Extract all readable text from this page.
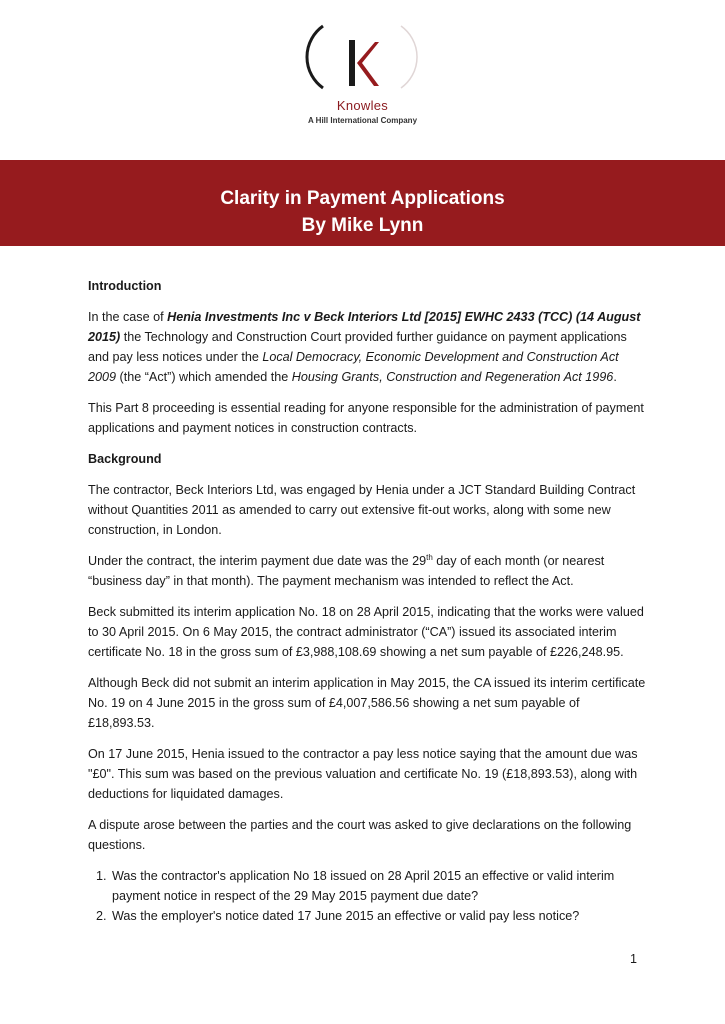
Knowles
A Hill International Company
Clarity in Payment Applications
By Mike Lynn
Introduction

In the case of Henia Investments Inc v Beck Interiors Ltd [2015] EWHC 2433 (TCC) (14 August 2015) the Technology and Construction Court provided further guidance on payment applications and pay less notices under the Local Democracy, Economic Development and Construction Act 2009 (the “Act”) which amended the Housing Grants, Construction and Regeneration Act 1996.

This Part 8 proceeding is essential reading for anyone responsible for the administration of payment applications and payment notices in construction contracts.

Background

The contractor, Beck Interiors Ltd, was engaged by Henia under a JCT Standard Building Contract without Quantities 2011 as amended to carry out extensive fit-out works, along with some new construction, in London.

Under the contract, the interim payment due date was the 29th day of each month (or nearest “business day” in that month). The payment mechanism was intended to reflect the Act.

Beck submitted its interim application No. 18 on 28 April 2015, indicating that the works were valued to 30 April 2015. On 6 May 2015, the contract administrator (“CA”) issued its associated interim certificate No. 18 in the gross sum of £3,988,108.69 showing a net sum payable of £226,248.95.

Although Beck did not submit an interim application in May 2015, the CA issued its interim certificate No. 19 on 4 June 2015 in the gross sum of £4,007,586.56 showing a net sum payable of £18,893.53.

On 17 June 2015, Henia issued to the contractor a pay less notice saying that the amount due was "£0". This sum was based on the previous valuation and certificate No. 19 (£18,893.53), along with deductions for liquidated damages.

A dispute arose between the parties and the court was asked to give declarations on the following questions.

1. Was the contractor's application No 18 issued on 28 April 2015 an effective or valid interim payment notice in respect of the 29 May 2015 payment due date?
2. Was the employer's notice dated 17 June 2015 an effective or valid pay less notice?
1
